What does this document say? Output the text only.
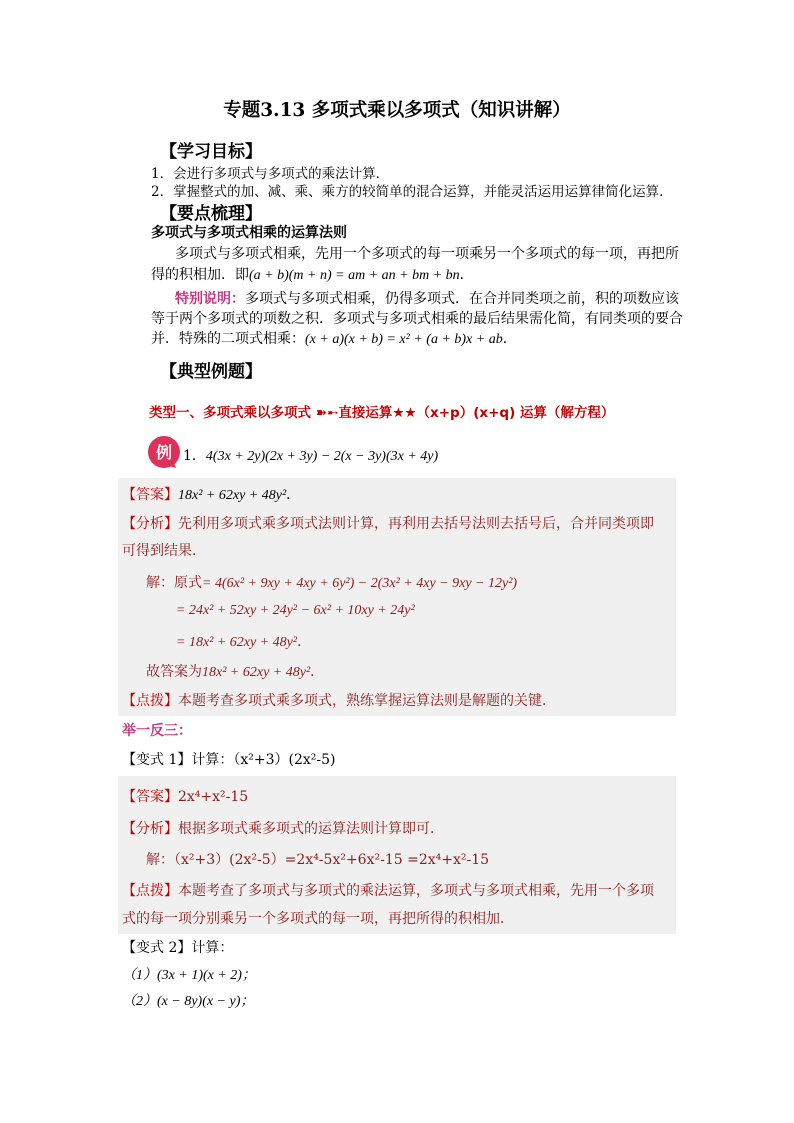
专题3.13 多项式乘以多项式（知识讲解）
【学习目标】
1．会进行多项式与多项式的乘法计算．
2．掌握整式的加、减、乘、乘方的较简单的混合运算，并能灵活运用运算律简化运算．
【要点梳理】
多项式与多项式相乘的运算法则
多项式与多项式相乘，先用一个多项式的每一项乘另一个多项式的每一项，再把所
得的积相加．即(a + b)(m + n) = am + an + bm + bn．
特别说明：多项式与多项式相乘，仍得多项式．在合并同类项之前，积的项数应该
等于两个多项式的项数之积．多项式与多项式相乘的最后结果需化简，有同类项的要合
并．特殊的二项式相乘：(x + a)(x + b) = x² + (a + b)x + ab．
【典型例题】
类型一、多项式乘以多项式 ➽➸直接运算★★（x+p）(x+q) 运算（解方程）
例 1．4(3x + 2y)(2x + 3y) − 2(x − 3y)(3x + 4y)
【答案】18x² + 62xy + 48y²．
【分析】先利用多项式乘多项式法则计算，再利用去括号法则去括号后，合并同类项即
可得到结果．
解：原式= 4(6x² + 9xy + 4xy + 6y²) − 2(3x² + 4xy − 9xy − 12y²)
= 24x² + 52xy + 24y² − 6x² + 10xy + 24y²
= 18x² + 62xy + 48y²．
故答案为18x² + 62xy + 48y²．
【点拨】本题考查多项式乘多项式，熟练掌握运算法则是解题的关键．
举一反三：
【变式 1】计算：（x²+3）(2x²-5)
【答案】2x⁴+x²-15
【分析】根据多项式乘多项式的运算法则计算即可．
解：（x²+3）(2x²-5）=2x⁴-5x²+6x²-15 =2x⁴+x²-15
【点拨】本题考查了多项式与多项式的乘法运算，多项式与多项式相乘，先用一个多项
式的每一项分别乘另一个多项式的每一项，再把所得的积相加．
【变式 2】计算：
（1）(3x + 1)(x + 2)；
（2）(x − 8y)(x − y)；
